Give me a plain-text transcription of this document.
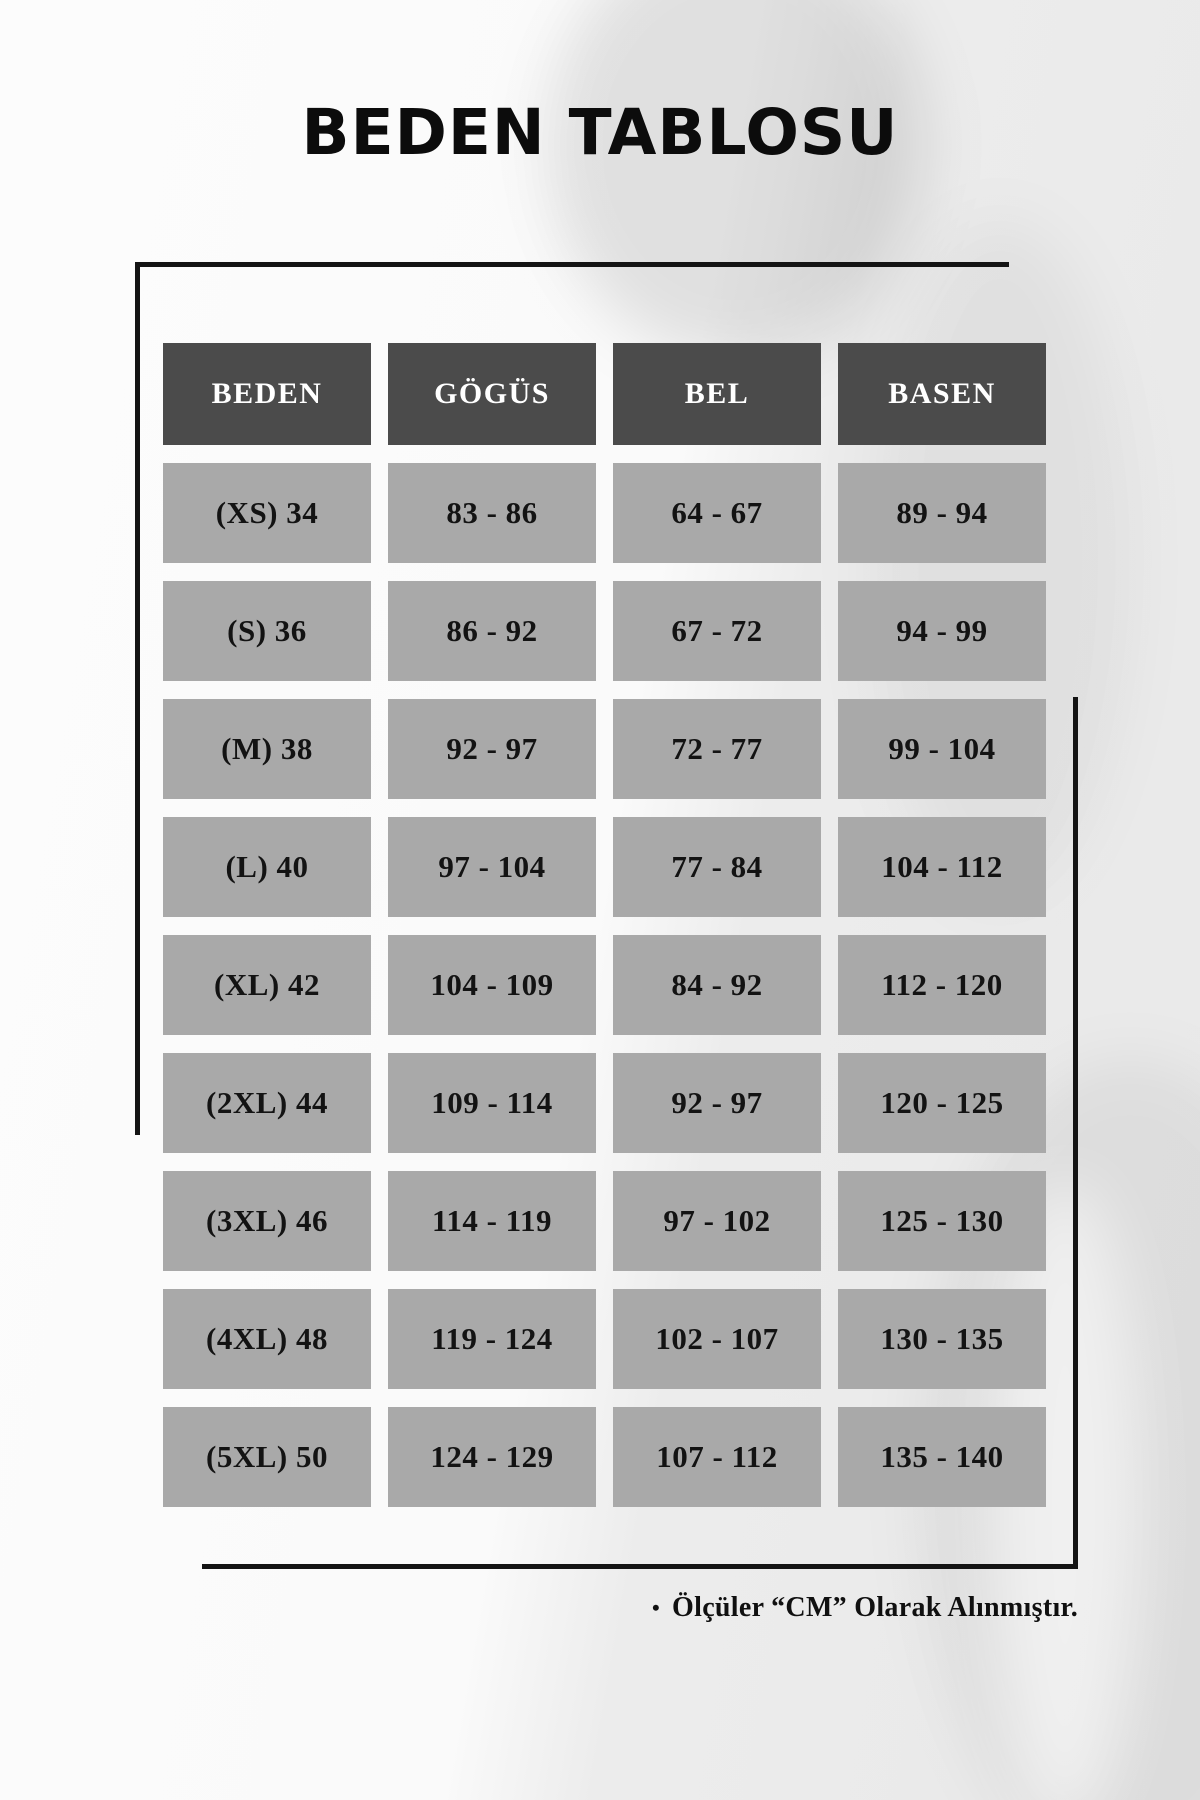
BEDEN TABLOSU
BEDEN	GÖGÜS	BEL	BASEN
(XS) 34	83 - 86	64 - 67	89 - 94
(S) 36	86 - 92	67 - 72	94 - 99
(M) 38	92 - 97	72 - 77	99 - 104
(L) 40	97 - 104	77 - 84	104 - 112
(XL) 42	104 - 109	84 - 92	112 - 120
(2XL) 44	109 - 114	92 - 97	120 - 125
(3XL) 46	114 - 119	97 - 102	125 - 130
(4XL) 48	119 - 124	102 - 107	130 - 135
(5XL) 50	124 - 129	107 - 112	135 - 140
• Ölçüler “CM” Olarak Alınmıştır.
